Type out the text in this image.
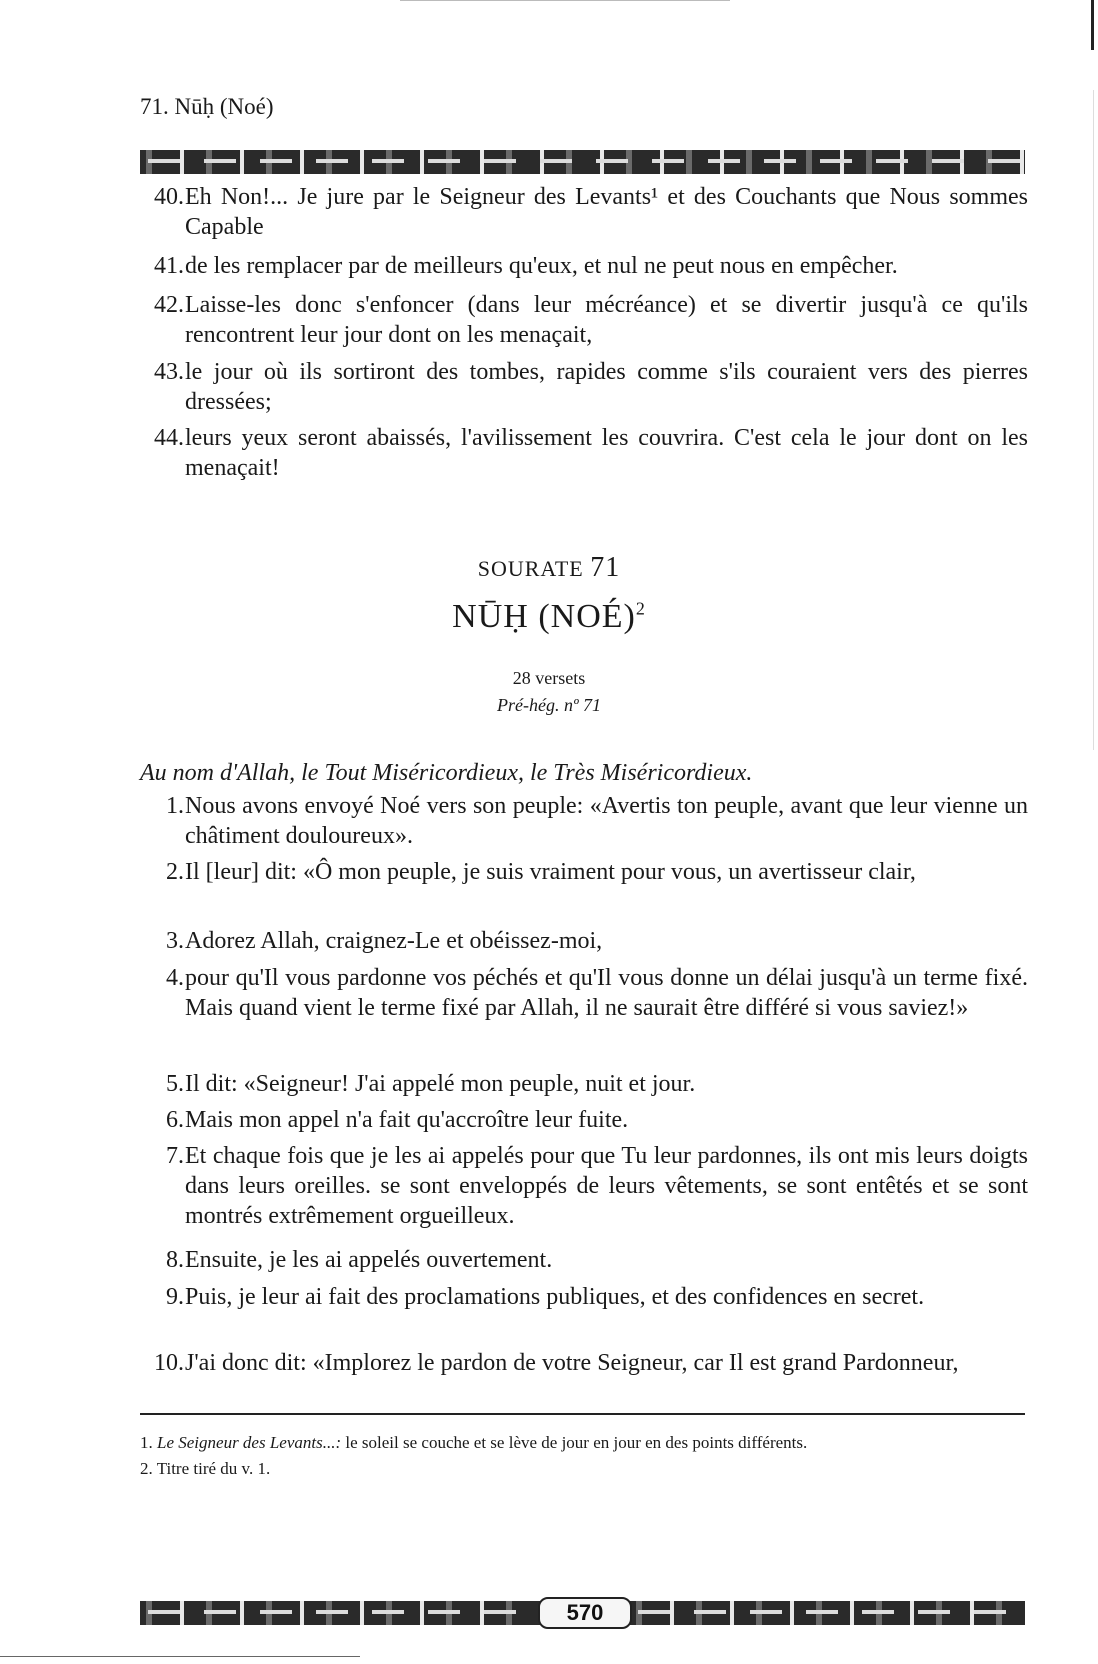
71. Nūḥ (Noé)
40. Eh Non!... Je jure par le Seigneur des Levants¹ et des Couchants que Nous sommes Capable
41. de les remplacer par de meilleurs qu'eux, et nul ne peut nous en empêcher.
42. Laisse-les donc s'enfoncer (dans leur mécréance) et se divertir jusqu'à ce qu'ils rencontrent leur jour dont on les menaçait,
43. le jour où ils sortiront des tombes, rapides comme s'ils couraient vers des pierres dressées;
44. leurs yeux seront abaissés, l'avilissement les couvrira. C'est cela le jour dont on les menaçait!
SOURATE 71
NŪḤ (NOÉ)$^2$
28 versets
Pré-hég. nº 71
Au nom d'Allah, le Tout Miséricordieux, le Très Miséricordieux.
1. Nous avons envoyé Noé vers son peuple: «Avertis ton peuple, avant que leur vienne un châtiment douloureux».
2. Il [leur] dit: «Ô mon peuple, je suis vraiment pour vous, un avertisseur clair,
3. Adorez Allah, craignez-Le et obéissez-moi,
4. pour qu'Il vous pardonne vos péchés et qu'Il vous donne un délai jusqu'à un terme fixé. Mais quand vient le terme fixé par Allah, il ne saurait être différé si vous saviez!»
5. Il dit: «Seigneur! J'ai appelé mon peuple, nuit et jour.
6. Mais mon appel n'a fait qu'accroître leur fuite.
7. Et chaque fois que je les ai appelés pour que Tu leur pardonnes, ils ont mis leurs doigts dans leurs oreilles. se sont enveloppés de leurs vêtements, se sont entêtés et se sont montrés extrêmement orgueilleux.
8. Ensuite, je les ai appelés ouvertement.
9. Puis, je leur ai fait des proclamations publiques, et des confidences en secret.
10. J'ai donc dit: «Implorez le pardon de votre Seigneur, car Il est grand Pardonneur,
1. Le Seigneur des Levants...: le soleil se couche et se lève de jour en jour en des points différents.
2. Titre tiré du v. 1.
570
